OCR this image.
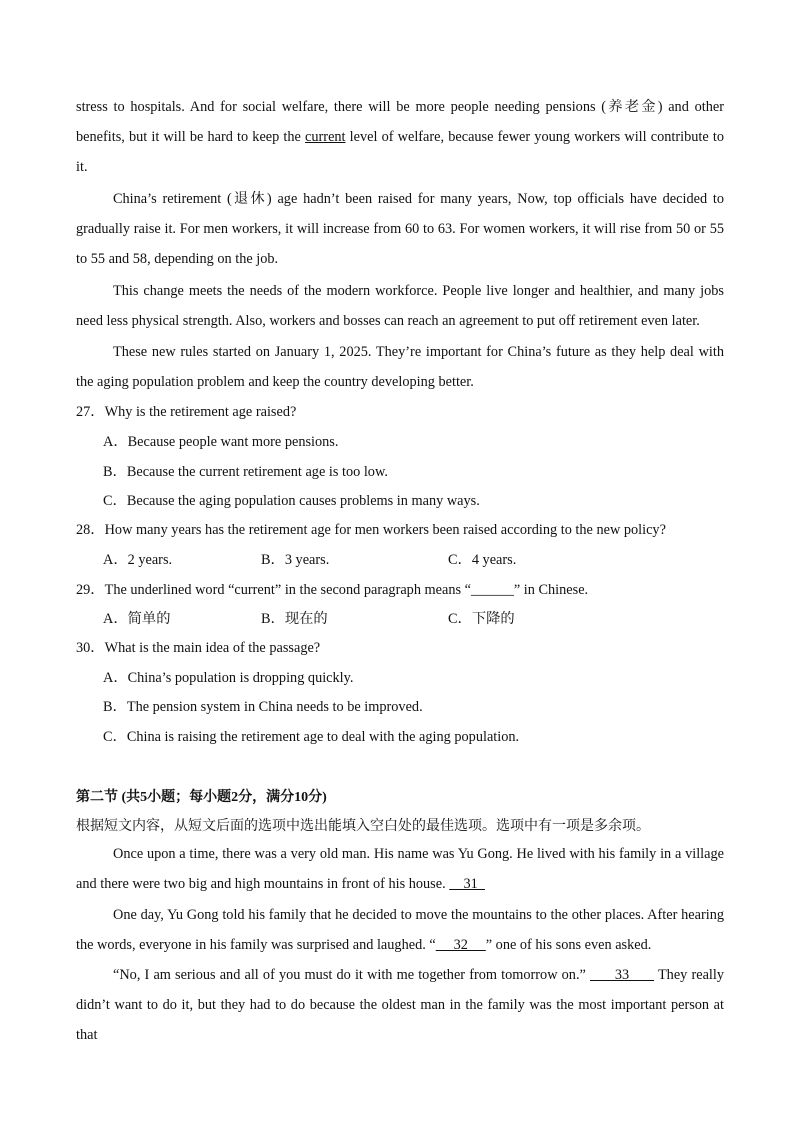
stress to hospitals. And for social welfare, there will be more people needing pensions (养老金) and other benefits, but it will be hard to keep the current level of welfare, because fewer young workers will contribute to it.

China’s retirement (退休) age hadn’t been raised for many years, Now, top officials have decided to gradually raise it. For men workers, it will increase from 60 to 63. For women workers, it will rise from 50 or 55 to 55 and 58, depending on the job.

This change meets the needs of the modern workforce. People live longer and healthier, and many jobs need less physical strength. Also, workers and bosses can reach an agreement to put off retirement even later.

These new rules started on January 1, 2025. They’re important for China’s future as they help deal with the aging population problem and keep the country developing better.

27．Why is the retirement age raised?
A．Because people want more pensions.
B．Because the current retirement age is too low.
C．Because the aging population causes problems in many ways.
28．How many years has the retirement age for men workers been raised according to the new policy?
A．2 years.	B．3 years.	C．4 years.
29．The underlined word “current” in the second paragraph means “______” in Chinese.
A．简单的	B．现在的	C．下降的
30．What is the main idea of the passage?
A．China’s population is dropping quickly.
B．The pension system in China needs to be improved.
C．China is raising the retirement age to deal with the aging population.
第二节 (共5小题；每小题2分，满分10分)
根据短文内容，从短文后面的选项中选出能填入空白处的最佳选项。选项中有一项是多余项。

Once upon a time, there was a very old man. His name was Yu Gong. He lived with his family in a village and there were two big and high mountains in front of his house.     31

One day, Yu Gong told his family that he decided to move the mountains to the other places. After hearing the words, everyone in his family was surprised and laughed. “     32     ” one of his sons even asked.

“No, I am serious and all of you must do it with me together from tomorrow on.”       33       They really didn’t want to do it, but they had to do because the oldest man in the family was the most important person at that
